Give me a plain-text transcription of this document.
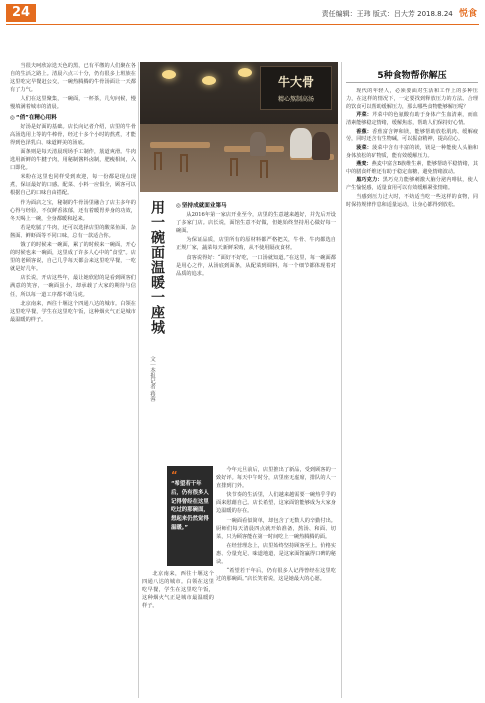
24	责任编辑：王玮 版式：吕大芳 2018.8.24 悦食

当很夫呵欣凉迭天色的黑，已有平缴的人们聚在各自的生活之路上。清晨六点三十分，仍有很多上班族在这里吃完早餐赶公交，一碗热腾腾的牛骨汤面让一天都有了力气。

人们在这里聚集，一碗面，一杯茶，几句问候，慢慢填满着城市的清晨。

◎ “俏”在精心用料

好汤是好面的基础。店长向记者介绍，店里的牛骨高汤选用上等的牛棒骨，经过十多个小时的熬煮，才能得到色泽乳白、味道鲜美的汤底。

面条则是每天清晨现场手工制作，筋道爽滑。牛肉选用新鲜的牛腱子肉，用秘制酱料卤制，肥瘦相间，入口即化。

米粉在这里也同样受到欢迎，每一份都是现点现煮，保证最好的口感。配菜、小料一应俱全，顾客可以根据自己的口味自由搭配。

作为面店之宝，秘制的牛骨汤里融合了店主多年的心得与经验，不仅鲜香浓郁，还有着暖胃养身的功效，冬天喝上一碗，全身都暖和起来。

若是吃腻了牛肉，还可以选择店里的酸菜鱼面、杂酱面、鲜虾面等不同口味，总有一款适合你。

饿了的时候来一碗面，累了的时候来一碗面，开心的时候也来一碗面，这里成了许多人心中的“食堂”。店里的老顾客说，自己几乎每天都会来这里吃早餐，一吃就是好几年。

店长说，开店这些年，最让她欣慰的是看到顾客们满意的笑容，一碗面虽小，却承载了大家的期待与信任，所以每一道工序都不敢马虎。

北京南来，西往十堰这个四通八达的城市。白领在这里吃早餐，学生在这里吃午饭，这种烟火气正是城市最温暖的样子。

牛大骨
精心熬制高汤
用一碗面温暖一座城
文｜本报记者 蒋蓉
◎ 坚持成就面业第马

从2016年第一家店开业至今，店里的生意越来越好，并先后开设了多家门店。店长说，面馆生意不好做，但她始终坚持用心做好每一碗面。

为保证品质，店里所有的原材料都严格把关，牛骨、牛肉都选自正规厂家，蔬菜每天新鲜采购，从不使用隔夜食材。

食客说得好：“面好不好吃，一口汤就知道。”在这里，每一碗面都是用心之作，从汤底到面条，从配菜到调料，每一个细节都体现着对品质的追求。

“
“希望若干年后，仍有很多人记得曾经在这里吃过的那碗面，想起来仍然觉得温暖。”

今年元旦前后，店里推出了新品，受到顾客的一致好评。每天中午时分，店里座无虚席，排队的人一直排到门外。

快节奏的生活里，人们越来越需要一碗热乎乎的面来慰藉自己。店长希望，这家面馆能够成为大家身边温暖的存在。

一碗面看似简单，却包含了无数人的辛勤付出。厨师们每天清晨四点就开始准备，熬汤、和面、切菜，只为顾客能在第一时间吃上一碗热腾腾的面。

在经营理念上，店里始终坚持顾客至上。价格实惠、分量充足、味道地道，是这家面馆赢得口碑的秘诀。

“希望若干年后，仍有很多人记得曾经在这里吃过的那碗面。”店长笑着说，这是她最大的心愿。

北京南来，西往十堰这个四通八达的城市。白领在这里吃早餐，学生在这里吃午饭，这种烟火气正是城市最温暖的样子。

5种食物帮你解压

现代的年轻人，必须要面对生活和工作上的多种压力，在这样的情况下，一定要找到释放压力的方法。合理的饮食可以帮助缓解压力，那么哪些食物能够解压呢？

芹菜：芹菜中的色氨酸有助于身体产生血清素，而血清素能够稳定情绪，缓解焦虑，帮助人们保持好心情。

香蕉：香蕉富含钾和镁，能够帮助放松肌肉、缓解疲劳，同时还含有生物碱，可以振奋精神，提高信心。

菠菜：菠菜中含有丰富的镁，镁是一种能使人头脑和身体放松的矿物质，能有效缓解压力。

燕麦：燕麦中富含B族维生素，能够帮助平稳情绪，其中的膳食纤维还有助于稳定血糖，避免情绪波动。

黑巧克力：黑巧克力能够刺激大脑分泌内啡肽，使人产生愉悦感，适量食用可以有效缓解紧张情绪。

当感到压力过大时，不妨适当吃一些这样的食物，同时保持规律作息和适量运动，让身心都得到放松。
